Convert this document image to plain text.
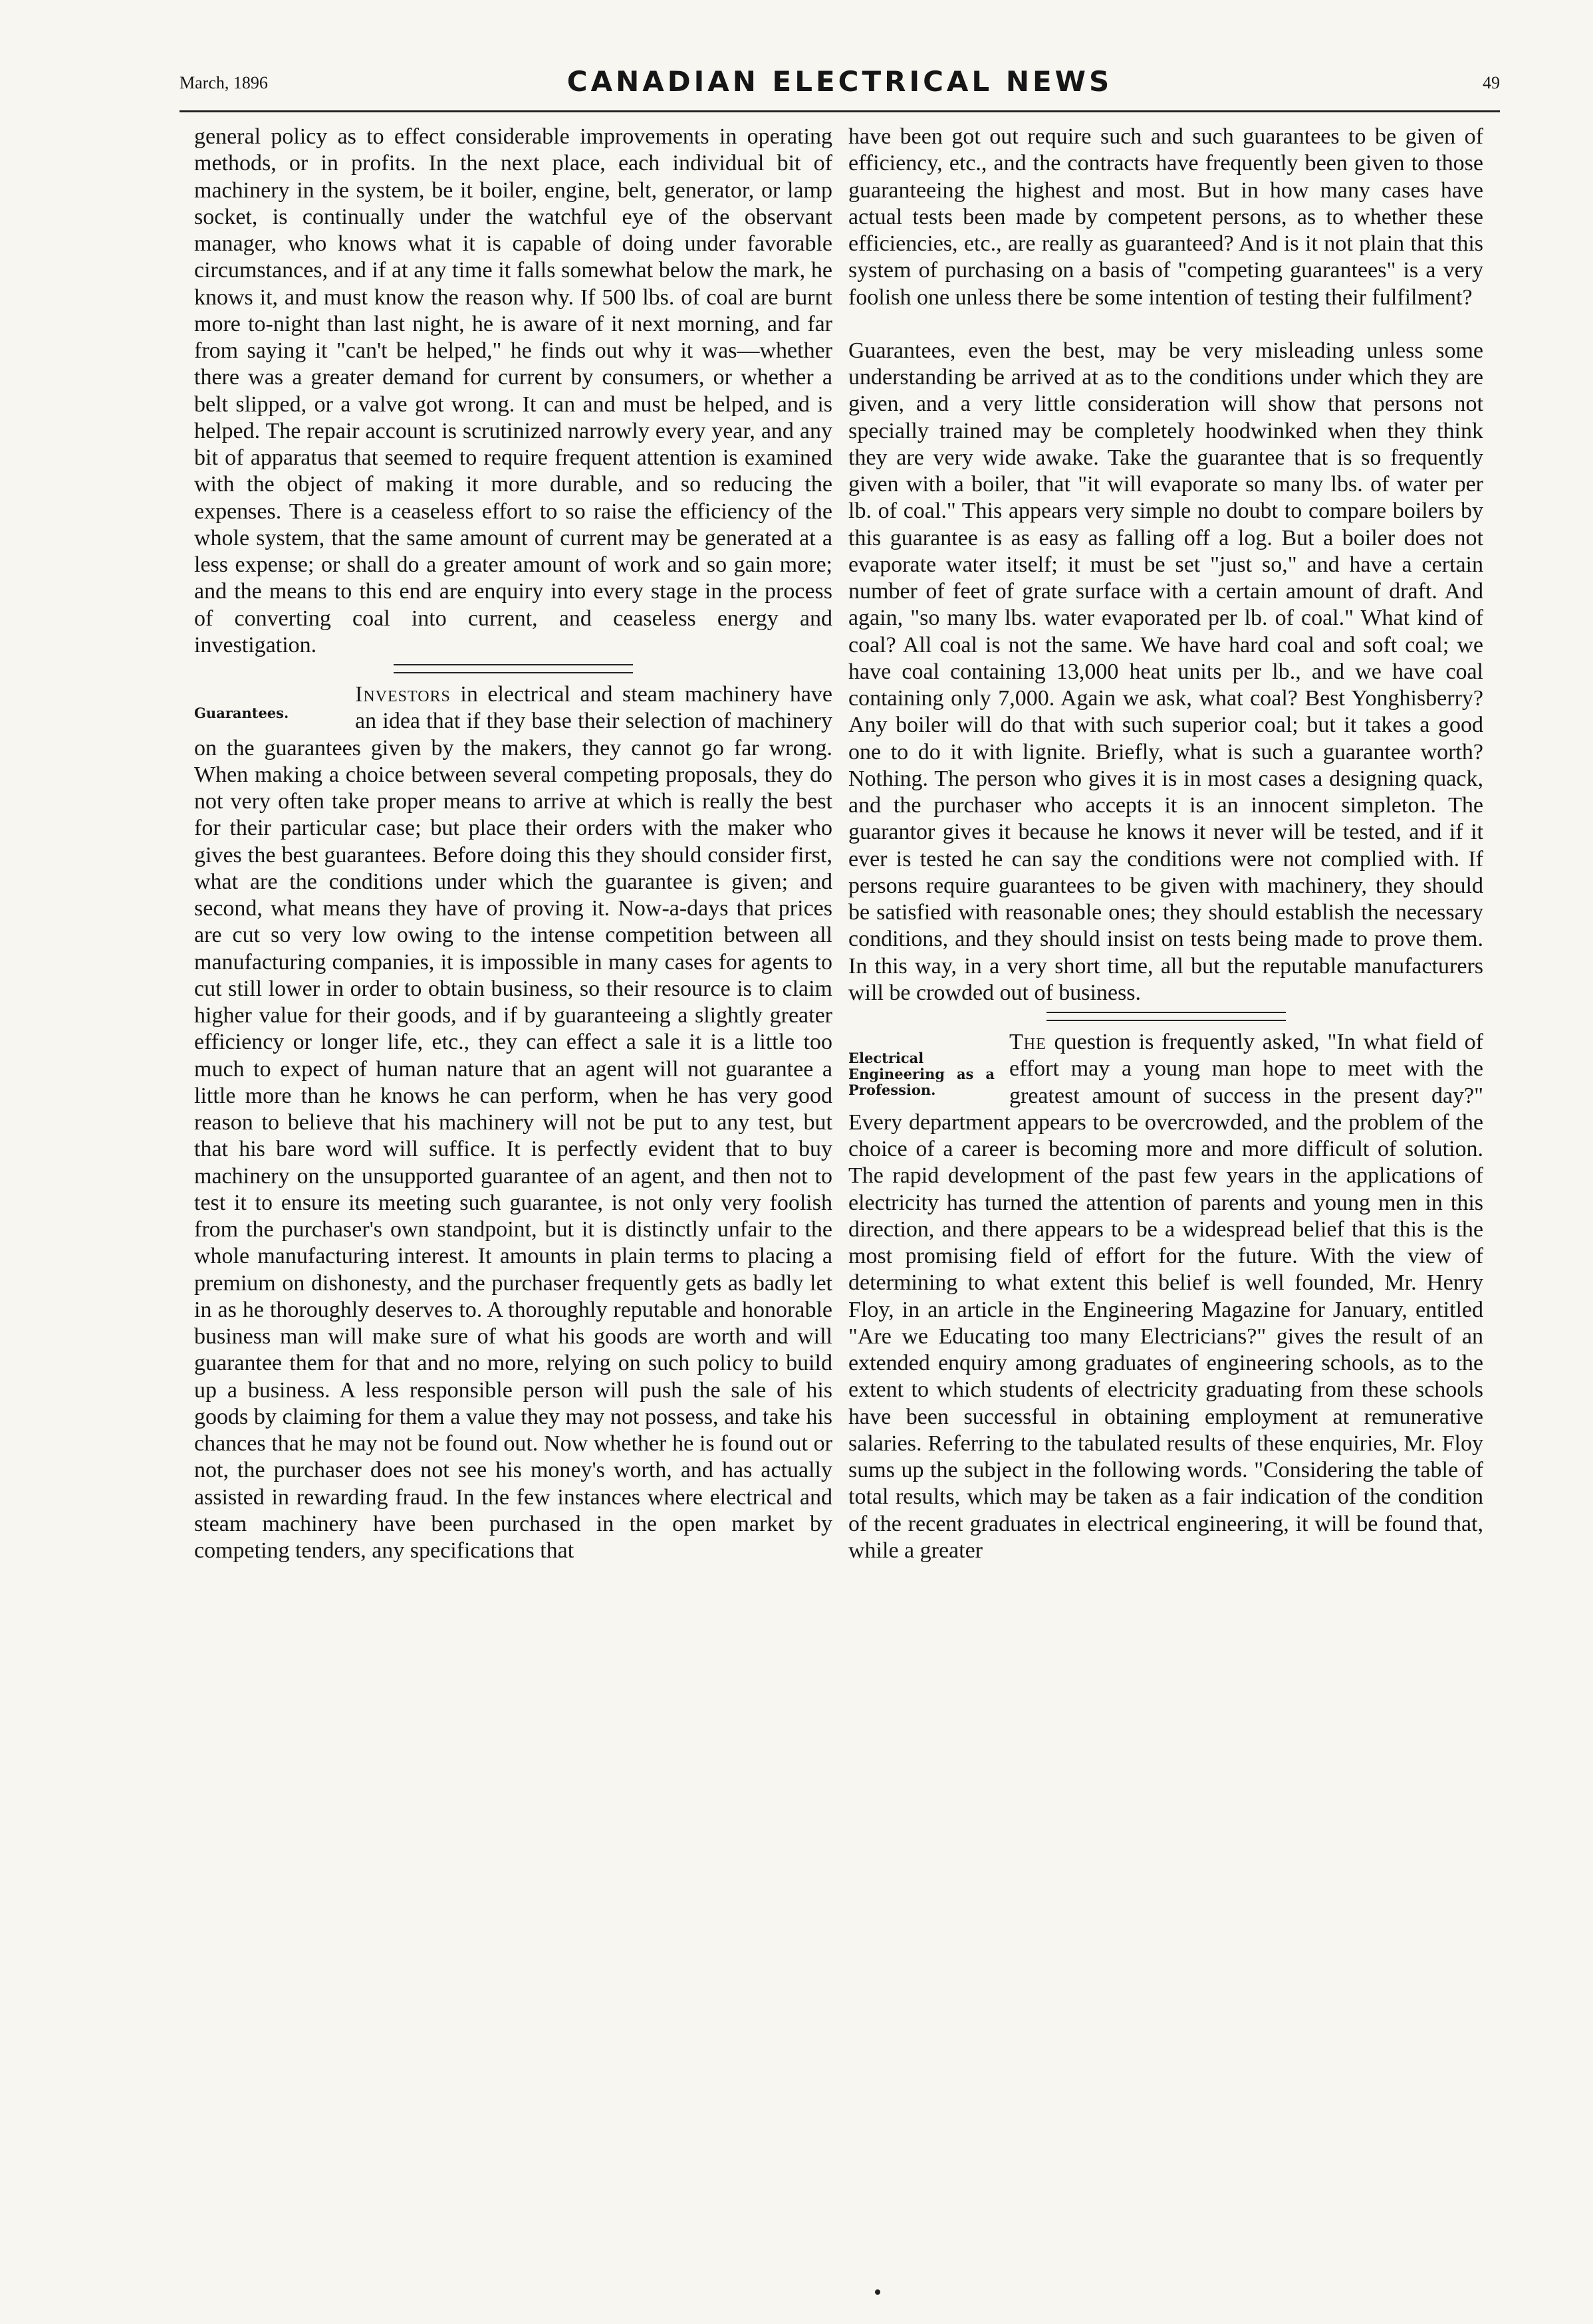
March, 1896	CANADIAN ELECTRICAL NEWS	49

general policy as to effect considerable improvements in operating methods, or in profits. In the next place, each individual bit of machinery in the system, be it boiler, engine, belt, generator, or lamp socket, is continually under the watchful eye of the observant manager, who knows what it is capable of doing under favorable circumstances, and if at any time it falls somewhat below the mark, he knows it, and must know the reason why. If 500 lbs. of coal are burnt more to-night than last night, he is aware of it next morning, and far from saying it "can't be helped," he finds out why it was—whether there was a greater demand for current by consumers, or whether a belt slipped, or a valve got wrong. It can and must be helped, and is helped. The repair account is scrutinized narrowly every year, and any bit of apparatus that seemed to require frequent attention is examined with the object of making it more durable, and so reducing the expenses. There is a ceaseless effort to so raise the efficiency of the whole system, that the same amount of current may be generated at a less expense; or shall do a greater amount of work and so gain more; and the means to this end are enquiry into every stage in the process of converting coal into current, and ceaseless energy and investigation.

Guarantees.

Investors in electrical and steam machinery have an idea that if they base their selection of machinery on the guarantees given by the makers, they cannot go far wrong. When making a choice between several competing proposals, they do not very often take proper means to arrive at which is really the best for their particular case; but place their orders with the maker who gives the best guarantees. Before doing this they should consider first, what are the conditions under which the guarantee is given; and second, what means they have of proving it. Now-a-days that prices are cut so very low owing to the intense competition between all manufacturing companies, it is impossible in many cases for agents to cut still lower in order to obtain business, so their resource is to claim higher value for their goods, and if by guaranteeing a slightly greater efficiency or longer life, etc., they can effect a sale it is a little too much to expect of human nature that an agent will not guarantee a little more than he knows he can perform, when he has very good reason to believe that his machinery will not be put to any test, but that his bare word will suffice. It is perfectly evident that to buy machinery on the unsupported guarantee of an agent, and then not to test it to ensure its meeting such guarantee, is not only very foolish from the purchaser's own standpoint, but it is distinctly unfair to the whole manufacturing interest. It amounts in plain terms to placing a premium on dishonesty, and the purchaser frequently gets as badly let in as he thoroughly deserves to. A thoroughly reputable and honorable business man will make sure of what his goods are worth and will guarantee them for that and no more, relying on such policy to build up a business. A less responsible person will push the sale of his goods by claiming for them a value they may not possess, and take his chances that he may not be found out. Now whether he is found out or not, the purchaser does not see his money's worth, and has actually assisted in rewarding fraud. In the few instances where electrical and steam machinery have been purchased in the open market by competing tenders, any specifications that

have been got out require such and such guarantees to be given of efficiency, etc., and the contracts have frequently been given to those guaranteeing the highest and most. But in how many cases have actual tests been made by competent persons, as to whether these efficiencies, etc., are really as guaranteed? And is it not plain that this system of purchasing on a basis of "competing guarantees" is a very foolish one unless there be some intention of testing their fulfilment?

Guarantees, even the best, may be very misleading unless some understanding be arrived at as to the conditions under which they are given, and a very little consideration will show that persons not specially trained may be completely hoodwinked when they think they are very wide awake. Take the guarantee that is so frequently given with a boiler, that "it will evaporate so many lbs. of water per lb. of coal." This appears very simple no doubt to compare boilers by this guarantee is as easy as falling off a log. But a boiler does not evaporate water itself; it must be set "just so," and have a certain number of feet of grate surface with a certain amount of draft. And again, "so many lbs. water evaporated per lb. of coal." What kind of coal? All coal is not the same. We have hard coal and soft coal; we have coal containing 13,000 heat units per lb., and we have coal containing only 7,000. Again we ask, what coal? Best Yonghisberry? Any boiler will do that with such superior coal; but it takes a good one to do it with lignite. Briefly, what is such a guarantee worth? Nothing. The person who gives it is in most cases a designing quack, and the purchaser who accepts it is an innocent simpleton. The guarantor gives it because he knows it never will be tested, and if it ever is tested he can say the conditions were not complied with. If persons require guarantees to be given with machinery, they should be satisfied with reasonable ones; they should establish the necessary conditions, and they should insist on tests being made to prove them. In this way, in a very short time, all but the reputable manufacturers will be crowded out of business.

Electrical Engineering as a Profession.

The question is frequently asked, "In what field of effort may a young man hope to meet with the greatest amount of success in the present day?" Every department appears to be overcrowded, and the problem of the choice of a career is becoming more and more difficult of solution. The rapid development of the past few years in the applications of electricity has turned the attention of parents and young men in this direction, and there appears to be a widespread belief that this is the most promising field of effort for the future. With the view of determining to what extent this belief is well founded, Mr. Henry Floy, in an article in the Engineering Magazine for January, entitled "Are we Educating too many Electricians?" gives the result of an extended enquiry among graduates of engineering schools, as to the extent to which students of electricity graduating from these schools have been successful in obtaining employment at remunerative salaries. Referring to the tabulated results of these enquiries, Mr. Floy sums up the subject in the following words. "Considering the table of total results, which may be taken as a fair indication of the condition of the recent graduates in electrical engineering, it will be found that, while a greater
